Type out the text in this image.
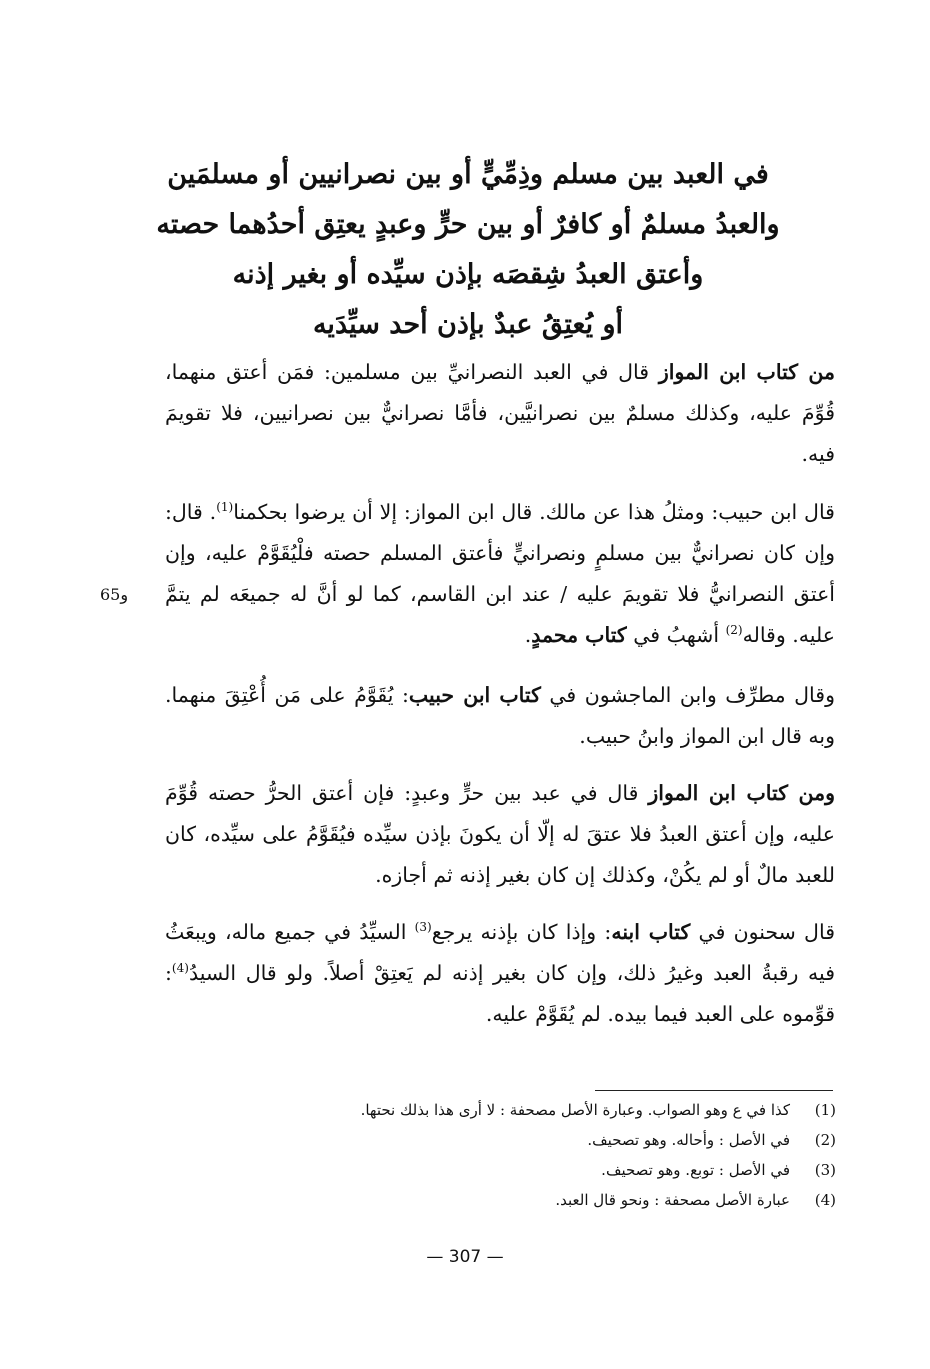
في العبد بين مسلم وذِمِّيٍّ أو بين نصرانيين أو مسلمَين
والعبدُ مسلمٌ أو كافرٌ أو بين حرٍّ وعبدٍ يعتِق أحدُهما حصته
وأعتق العبدُ شِقصَه بإذن سيِّده أو بغير إذنه
أو يُعتِقُ عبدٌ بإذن أحد سيِّدَيه
من كتاب ابن المواز قال في العبد النصرانيِّ بين مسلمين: فمَن أعتق منهما، قُوِّمَ عليه، وكذلك مسلمٌ بين نصرانيَّين، فأمَّا نصرانيٌّ بين نصرانيين، فلا تقويمَ فيه.
قال ابن حبيب: ومثلُ هذا عن مالك. قال ابن المواز: إلا أن يرضوا بحكمنا$^{(1)}$. قال: وإن كان نصرانيٌّ بين مسلمٍ ونصرانيٍّ فأعتق المسلم حصته فلْيُقَوَّمْ عليه، وإن أعتق النصرانيُّ فلا تقويمَ عليه / عند ابن القاسم، كما لو أنَّ له جميعَه لم يتمَّ عليه. وقاله$^{(2)}$ أشهبُ في كتاب محمدٍ.
و65
وقال مطرِّف وابن الماجشون في كتاب ابن حبيب: يُقَوَّمُ على مَن أُعْتِقَ منهما. وبه قال ابن المواز وابنُ حبيب.
ومن كتاب ابن المواز قال في عبد بين حرٍّ وعبدٍ: فإن أعتق الحرُّ حصته قُوِّمَ عليه، وإن أعتق العبدُ فلا عتقَ له إلّا أن يكونَ بإذن سيِّده فيُقَوَّمُ على سيِّده، كان للعبد مالٌ أو لم يكُنْ، وكذلك إن كان بغير إذنه ثم أجازه.
قال سحنون في كتاب ابنه: وإذا كان بإذنه يرجع$^{(3)}$ السيِّدُ في جميع ماله، ويبعَثُ فيه رقبةُ العبد وغيرُ ذلك، وإن كان بغير إذنه لم يَعتِقْ أصلاً. ولو قال السيدُ$^{(4)}$: قوِّموه على العبد فيما بيده. لم يُقَوَّمْ عليه.
(1)
كذا في ع وهو الصواب. وعبارة الأصل مصحفة : لا أرى هذا بذلك نحتها.
(2)
في الأصل : وأحاله. وهو تصحيف.
(3)
في الأصل : توبع. وهو تصحيف.
(4)
عبارة الأصل مصحفة : ونحو قال العبد.
— 307 —
